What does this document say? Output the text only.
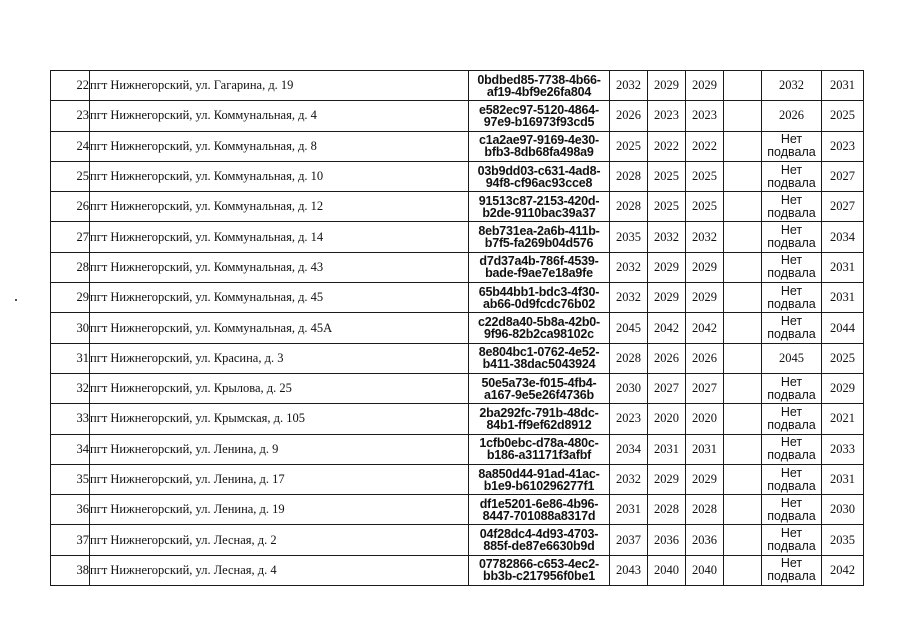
22	пгт Нижнегорский, ул. Гагарина, д. 19	0bdbed85-7738-4b66-
af19-4bf9e26fa804	2032	2029	2029		2032	2031
23	пгт Нижнегорский, ул. Коммунальная, д. 4	e582ec97-5120-4864-
97e9-b16973f93cd5	2026	2023	2023		2026	2025
24	пгт Нижнегорский, ул. Коммунальная, д. 8	c1a2ae97-9169-4e30-
bfb3-8db68fa498a9	2025	2022	2022		Нет
подвала	2023
25	пгт Нижнегорский, ул. Коммунальная, д. 10	03b9dd03-c631-4ad8-
94f8-cf96ac93cce8	2028	2025	2025		Нет
подвала	2027
26	пгт Нижнегорский, ул. Коммунальная, д. 12	91513c87-2153-420d-
b2de-9110bac39a37	2028	2025	2025		Нет
подвала	2027
27	пгт Нижнегорский, ул. Коммунальная, д. 14	8eb731ea-2a6b-411b-
b7f5-fa269b04d576	2035	2032	2032		Нет
подвала	2034
28	пгт Нижнегорский, ул. Коммунальная, д. 43	d7d37a4b-786f-4539-
bade-f9ae7e18a9fe	2032	2029	2029		Нет
подвала	2031
29	пгт Нижнегорский, ул. Коммунальная, д. 45	65b44bb1-bdc3-4f30-
ab66-0d9fcdc76b02	2032	2029	2029		Нет
подвала	2031
30	пгт Нижнегорский, ул. Коммунальная, д. 45А	c22d8a40-5b8a-42b0-
9f96-82b2ca98102c	2045	2042	2042		Нет
подвала	2044
31	пгт Нижнегорский, ул. Красина, д. 3	8e804bc1-0762-4e52-
b411-38dac5043924	2028	2026	2026		2045	2025
32	пгт Нижнегорский, ул. Крылова, д. 25	50e5a73e-f015-4fb4-
a167-9e5e26f4736b	2030	2027	2027		Нет
подвала	2029
33	пгт Нижнегорский, ул. Крымская, д. 105	2ba292fc-791b-48dc-
84b1-ff9ef62d8912	2023	2020	2020		Нет
подвала	2021
34	пгт Нижнегорский, ул. Ленина, д. 9	1cfb0ebc-d78a-480c-
b186-a31171f3afbf	2034	2031	2031		Нет
подвала	2033
35	пгт Нижнегорский, ул. Ленина, д. 17	8a850d44-91ad-41ac-
b1e9-b610296277f1	2032	2029	2029		Нет
подвала	2031
36	пгт Нижнегорский, ул. Ленина, д. 19	df1e5201-6e86-4b96-
8447-701088a8317d	2031	2028	2028		Нет
подвала	2030
37	пгт Нижнегорский, ул. Лесная, д. 2	04f28dc4-4d93-4703-
885f-de87e6630b9d	2037	2036	2036		Нет
подвала	2035
38	пгт Нижнегорский, ул. Лесная, д. 4	07782866-c653-4ec2-
bb3b-c217956f0be1	2043	2040	2040		Нет
подвала	2042
